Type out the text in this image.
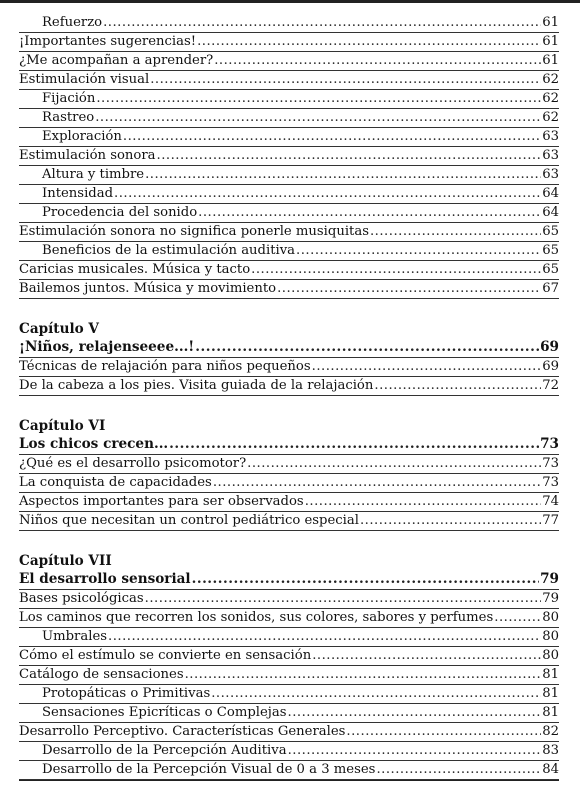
Refuerzo .....	61
¡Importantes sugerencias! .....	61
¿Me acompañan a aprender? .....	61
Estimulación visual .....	62
Fijación .....	62
Rastreo .....	62
Exploración .....	63
Estimulación sonora .....	63
Altura y timbre .....	63
Intensidad .....	64
Procedencia del sonido .....	64
Estimulación sonora no significa ponerle musiquitas .....	65
Beneficios de la estimulación auditiva .....	65
Caricias musicales. Música y tacto .....	65
Bailemos juntos. Música y movimiento .....	67
Capítulo V
¡Niños, relajenseeee...! .....	69
Técnicas de relajación para niños pequeños .....	69
De la cabeza a los pies. Visita guiada de la relajación .....	72
Capítulo VI
Los chicos crecen... .....	73
¿Qué es el desarrollo psicomotor? .....	73
La conquista de capacidades .....	73
Aspectos importantes para ser observados .....	74
Niños que necesitan un control pediátrico especial .....	77
Capítulo VII
El desarrollo sensorial .....	79
Bases psicológicas .....	79
Los caminos que recorren los sonidos, sus colores, sabores y perfumes .....	80
Umbrales .....	80
Cómo el estímulo se convierte en sensación .....	80
Catálogo de sensaciones .....	81
Protopáticas o Primitivas .....	81
Sensaciones Epicríticas o Complejas .....	81
Desarrollo Perceptivo. Características Generales .....	82
Desarrollo de la Percepción Auditiva .....	83
Desarrollo de la Percepción Visual de 0 a 3 meses .....	84
